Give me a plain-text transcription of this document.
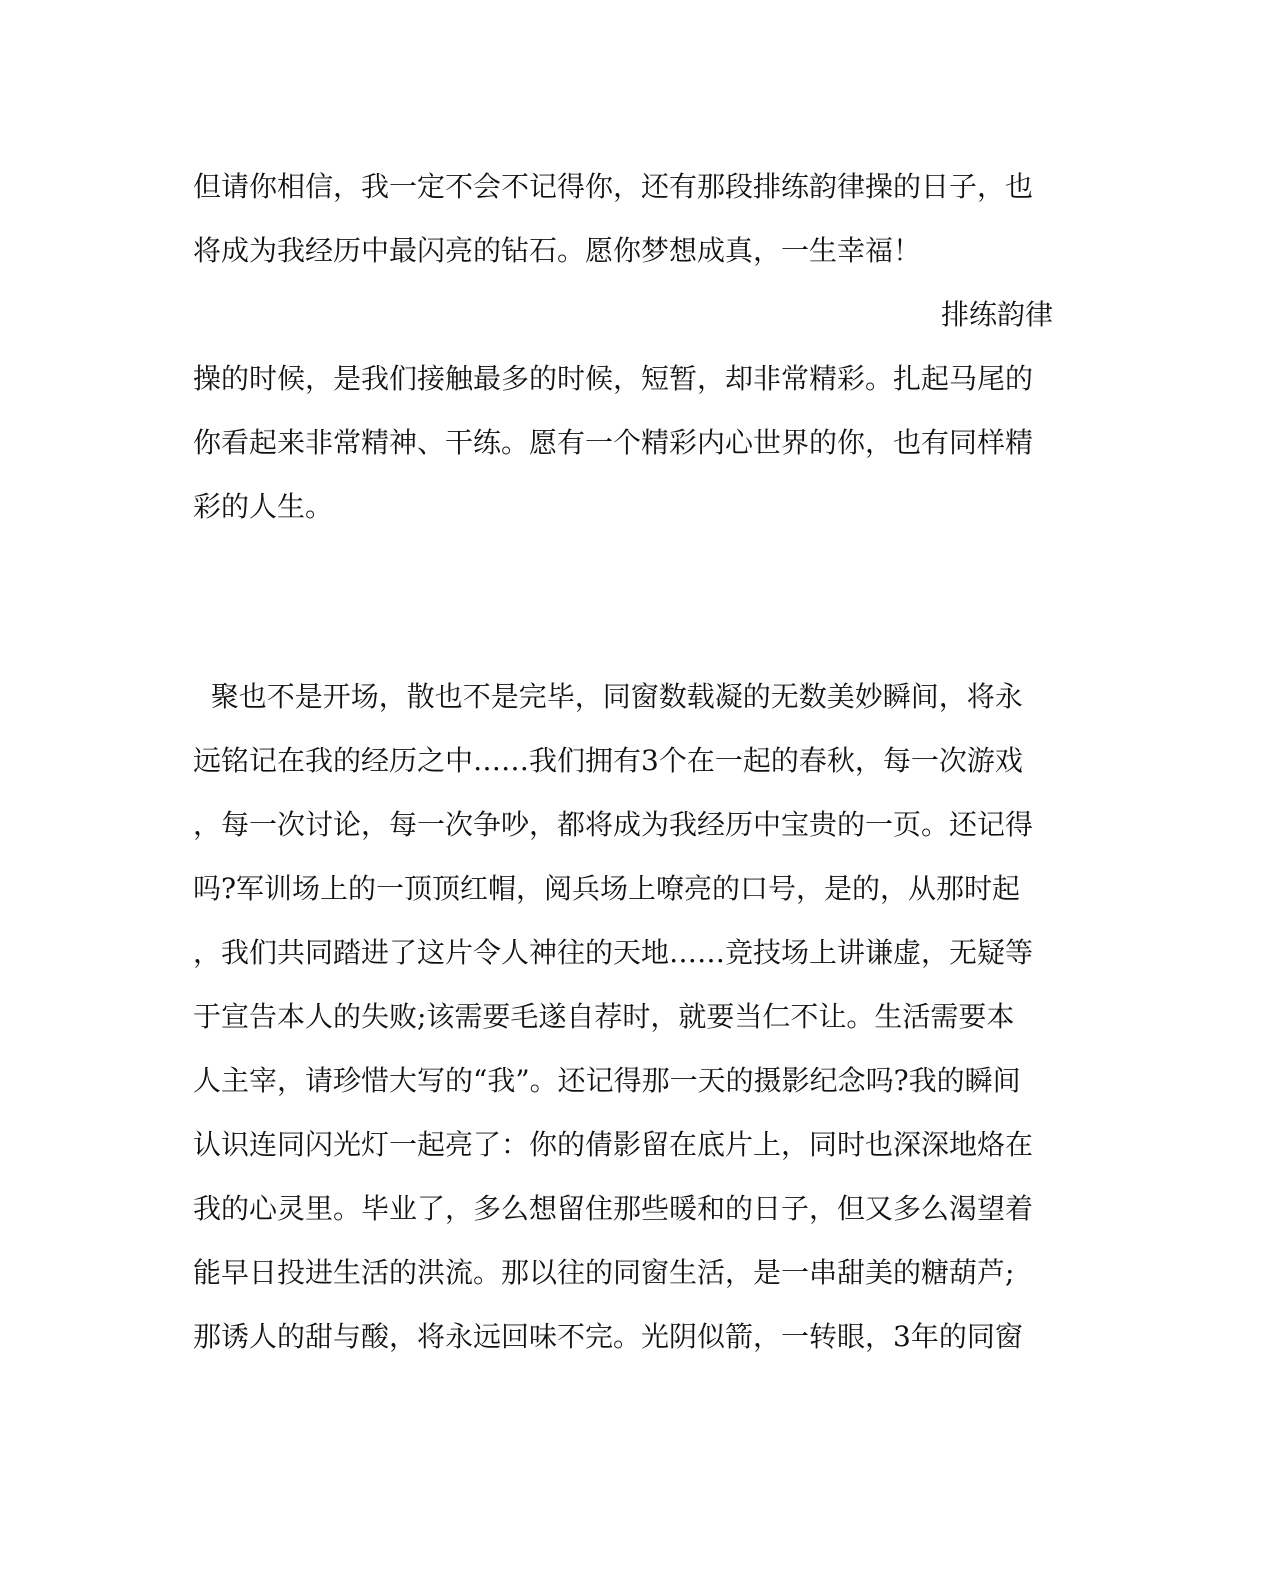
但请你相信，我一定不会不记得你，还有那段排练韵律操的日子，也
将成为我经历中最闪亮的钻石。愿你梦想成真，一生幸福！
排练韵律
操的时候，是我们接触最多的时候，短暂，却非常精彩。扎起马尾的
你看起来非常精神、干练。愿有一个精彩内心世界的你，也有同样精
彩的人生。
聚也不是开场，散也不是完毕，同窗数载凝的无数美妙瞬间，将永
远铭记在我的经历之中……我们拥有3个在一起的春秋，每一次游戏
，每一次讨论，每一次争吵，都将成为我经历中宝贵的一页。还记得
吗?军训场上的一顶顶红帽，阅兵场上嘹亮的口号，是的，从那时起
，我们共同踏进了这片令人神往的天地……竞技场上讲谦虚，无疑等
于宣告本人的失败;该需要毛遂自荐时，就要当仁不让。生活需要本
人主宰，请珍惜大写的“我”。还记得那一天的摄影纪念吗?我的瞬间
认识连同闪光灯一起亮了：你的倩影留在底片上，同时也深深地烙在
我的心灵里。毕业了，多么想留住那些暖和的日子，但又多么渴望着
能早日投进生活的洪流。那以往的同窗生活，是一串甜美的糖葫芦;
那诱人的甜与酸，将永远回味不完。光阴似箭，一转眼，3年的同窗
